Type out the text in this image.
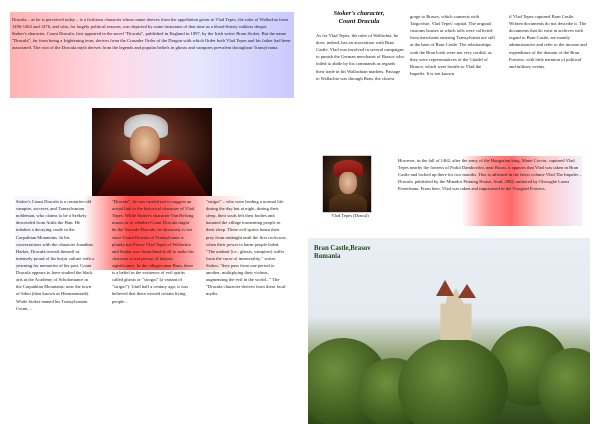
Dracula – as he is perceived today – is a fictitious character whose name derives from the appellation given to Vlad Tepes, the ruler of Wallachia from 1456-1462 and 1476, and who, for largely political reasons, was depicted by some historians of that time as a blood-thirsty ruthless despot.

Stoker's character, Count Dracula, first appeared in the novel "Dracula", published in England in 1897, by the Irish writer Bram Stoker. But the name "Dracula", far from being a frightening term, derives from the Crusader Order of the Dragon with which Order both Vlad Tepes and his father had been associated. The root of the Dracula myth derives from the legends and popular beliefs in ghosts and vampires prevalent throughout Transylvania.

Stoker's Count Dracula is a centuries-old vampire, sorcerer, and Transylvanian nobleman, who claims to be a Székely descended from Attila the Hun. He inhabits a decaying castle in the Carpathian Mountains. In his conversations with the character Jonathan Harker, Dracula reveals himself as intensely proud of his boyar culture with a yearning for memories of his past. Count Dracula appears to have studied the black arts at the Academy of Scholomance in the Carpathian Mountains, near the town of Sibiu (then known as Hermannstadt). While Stoker named his Transylvanian Count ...
"Dracula", he was careful not to suggest an actual link to the historical character of Vlad Tepes. While Stoker's character Van Helsing muses as to whether Count Dracula might be the Voivode Dracula, he obviously is not since Count Dracula of Transylvania is plainly not Prince Vlad Tepes of Wallachia and Stoker was disinclined at all to make his character a real person of historic significance. In the villages near Bran, there is a belief in the existence of evil spirits called ghosts or "strogoi" (a variant of "strigoi"). Until half a century ago, it was believed that there existed certain living people –
"strigoi" – who were leading a normal life during the day but at night, during their sleep, their souls left their bodies and haunted the village tormenting people in their sleep. These evil spirits haunt their prey from midnight until the first cockcrow, when their power to harm people faded. "The undead [i.e., ghosts, vampires] suffer from the curse of immortality," writes Stoker, "they pass from one period to another, multiplying their victims, augmenting the evil in the world..." The "Dracula character derives from these local myths.
Stoker's character,
Count Dracula
As for Vlad Tepes, the ruler of Wallachia, he does, indeed, has an association with Bran Castle. Vlad was involved in several campaigns to punish the German merchants of Brasov who failed to abide by his commands as regards their trade in his Wallachian markets. Passage to Wallachia was through Bran, the closest
gorge to Brasov, which connects with Targoviste, Vlad Tepes' capital. The original customs houses at which tolls were collected from merchants entering Transylvania are still at the base of Bran Castle. The relationships with the Bran lords were not very cordial, as they were representatives of the Citadel of Brasov, which were hostile to Vlad the Impaler. It is not known
if Vlad Tepes captured Bran Castle. Written documents do not describe it. The documents that do exist in archives with regard to Bran Castle, are mainly administrative and refer to the income and expenditure of the domain of the Bran Fortress, with little mention of political and military events.
Vlad Tepes (Dracul)
However, in the fall of 1462, after the army of the Hungarian king, Matei Corvin, captured Vlad Tepes nearby the fortress of Podul Dambovitei, near Rucar, it appears that Vlad was taken in Bran Castle and locked up there for two months. This is affirmed in the latest volume Vlad The Impaler – Dracula, published by the Minador Printing House, Arad, 2002, authored by Gheorghe Lazea Poenileanu. From here, Vlad was taken and imprisoned in the Visegrad Fortress.
Bran Castle,Brasov
Romania
